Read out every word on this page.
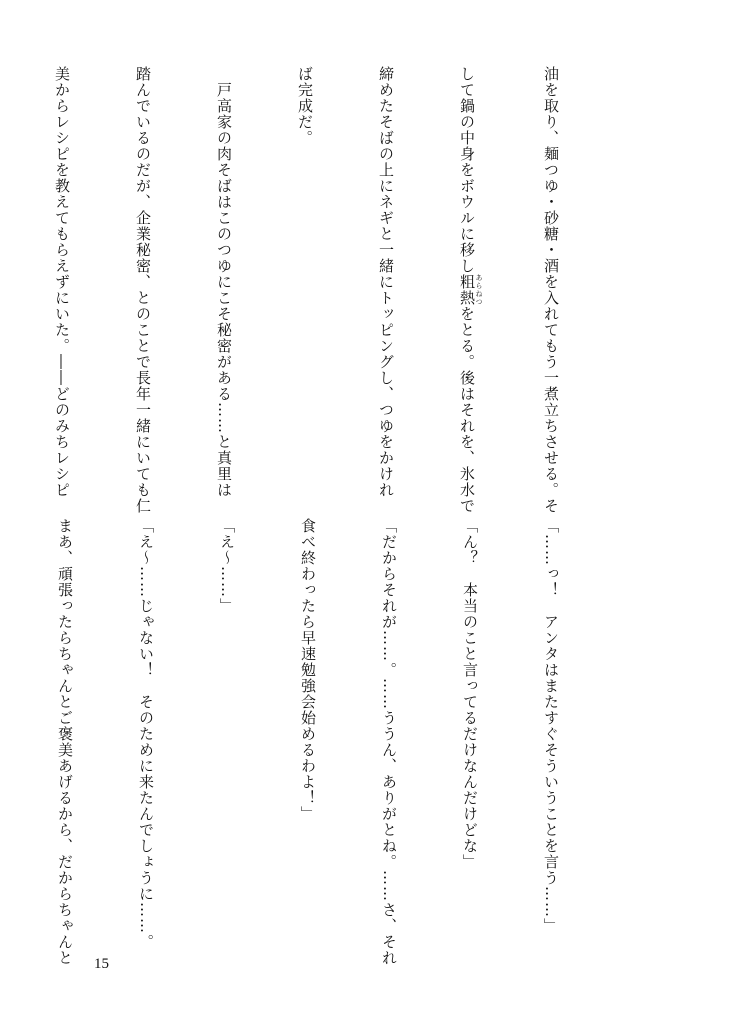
油を取り、麺つゆ・砂糖・酒を入れてもう一煮立ちさせる。そ

して鍋の中身をボウルに移し粗熱 あらねつをとる。後はそれを、氷水で

締めたそばの上にネギと一緒にトッピングし、つゆをかけれ

ば完成だ。

　戸高家の肉そばはこのつゆにこそ秘密がある……と真里は

踏んでいるのだが、企業秘密、とのことで長年一緒にいても仁

美からレシピを教えてもらえずにいた。――どのみちレシピ

「……っ！　アンタはまたすぐそういうことを言う……」

「ん？　本当のこと言ってるだけなんだけどな」

「だからそれが……。……ううん、ありがとね。……さ、それ

食べ終わったら早速勉強会始めるわよ！」

「え〜……」

「え〜……じゃない！　そのために来たんでしょうに……。

まあ、頑張ったらちゃんとご褒美あげるから、だからちゃんと

15
